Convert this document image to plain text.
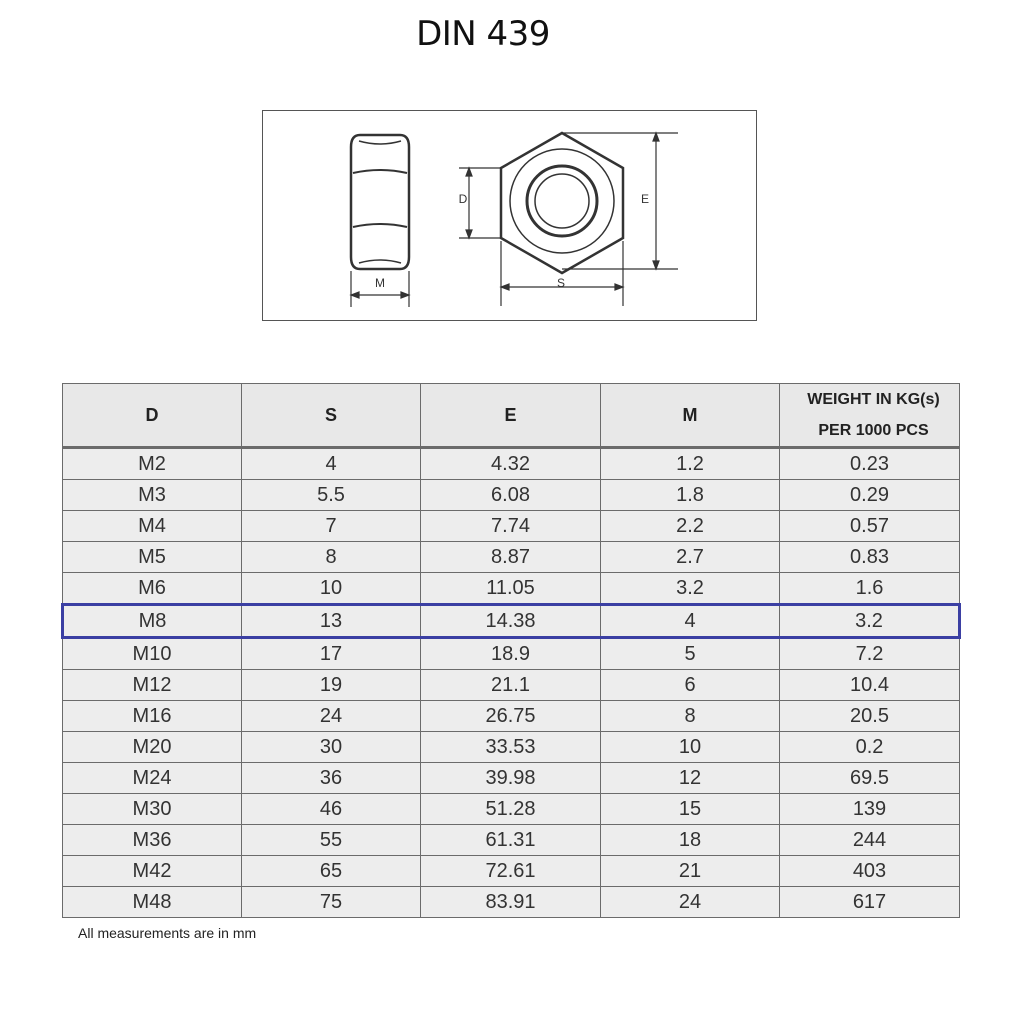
DIN 439
M
D	E
S
D	S	E	M	WEIGHT IN KG(s)
PER 1000 PCS

M2	4	4.32	1.2	0.23
M3	5.5	6.08	1.8	0.29
M4	7	7.74	2.2	0.57
M5	8	8.87	2.7	0.83
M6	10	11.05	3.2	1.6
M8	13	14.38	4	3.2
M10	17	18.9	5	7.2
M12	19	21.1	6	10.4
M16	24	26.75	8	20.5
M20	30	33.53	10	0.2
M24	36	39.98	12	69.5
M30	46	51.28	15	139
M36	55	61.31	18	244
M42	65	72.61	21	403
M48	75	83.91	24	617
All measurements are in mm
